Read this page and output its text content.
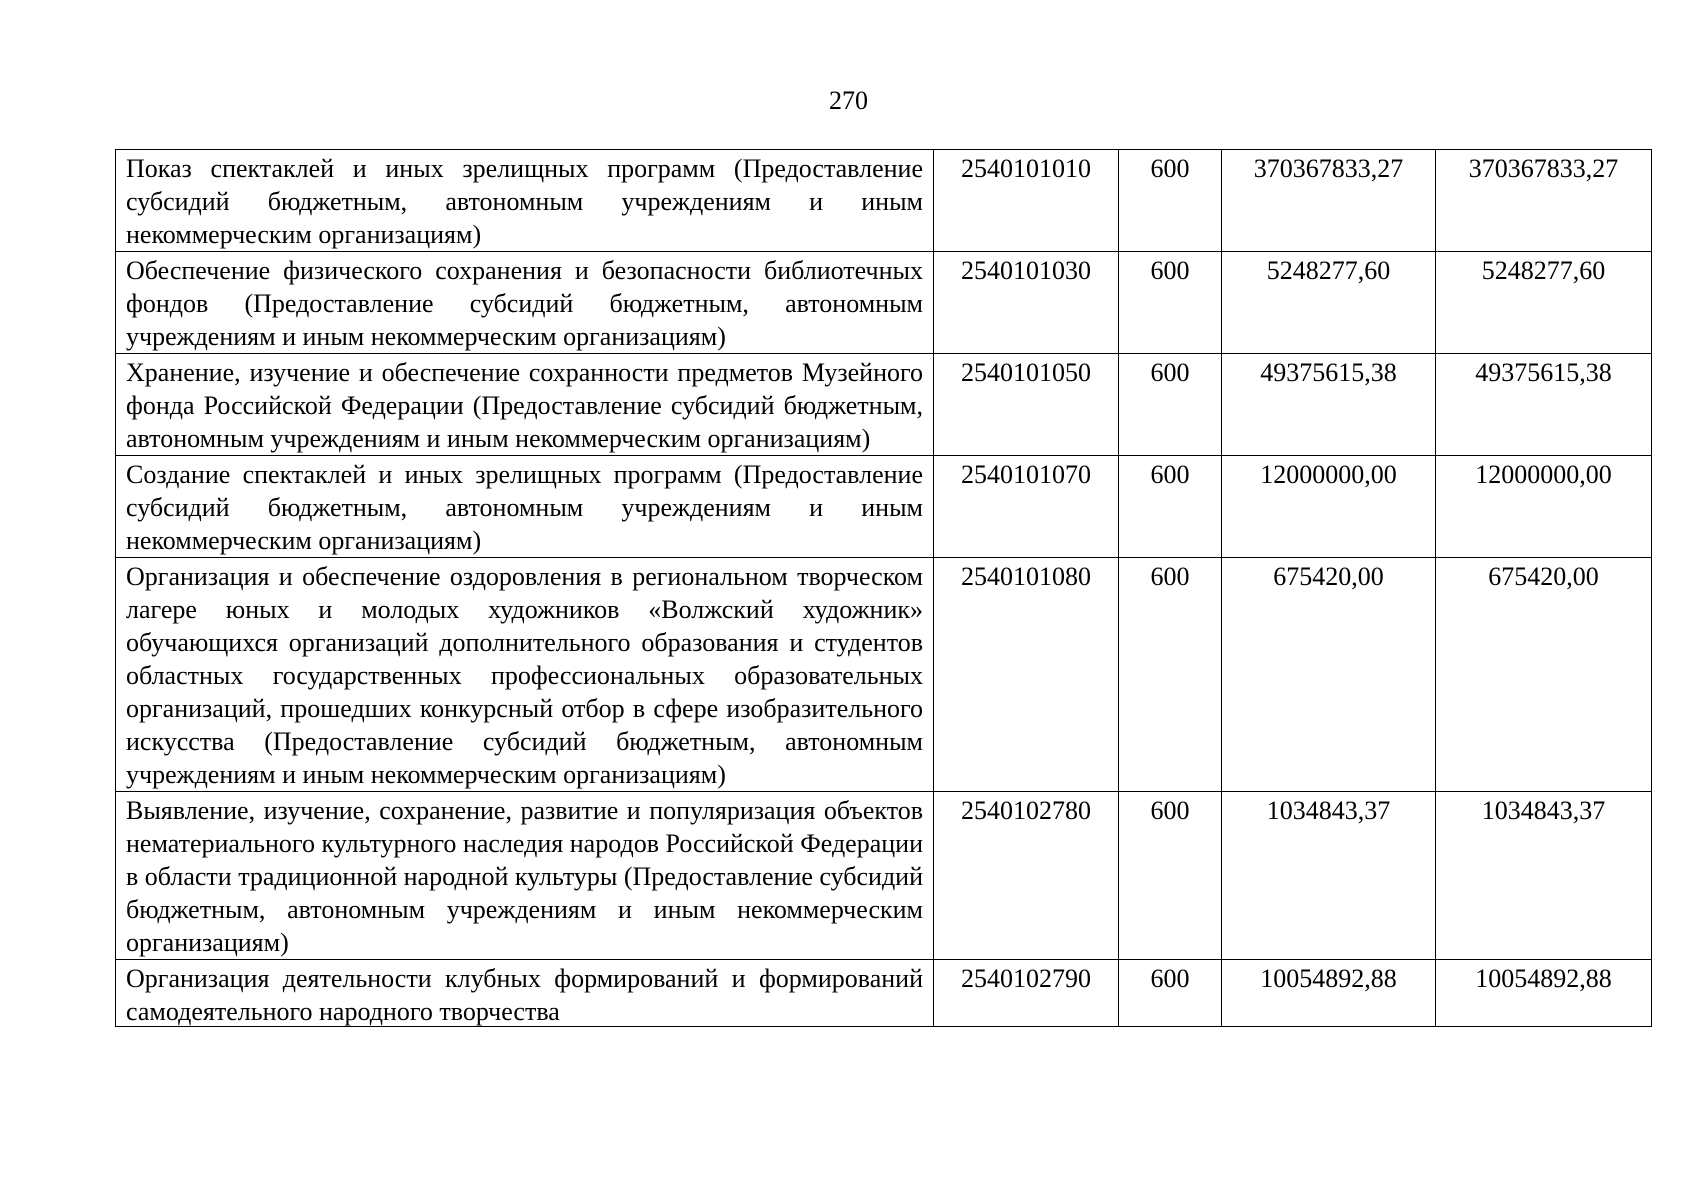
270
Показ спектаклей и иных зрелищных программ (Предоставление субсидий бюджетным, автономным учреждениям и иным некоммерческим организациям)	2540101010	600	370367833,27	370367833,27
Обеспечение физического сохранения и безопасности библиотечных фондов (Предоставление субсидий бюджетным, автономным учреждениям и иным некоммерческим организациям)	2540101030	600	5248277,60	5248277,60
Хранение, изучение и обеспечение сохранности предметов Музейного фонда Российской Федерации (Предоставление субсидий бюджетным, автономным учреждениям и иным некоммерческим организациям)	2540101050	600	49375615,38	49375615,38
Создание спектаклей и иных зрелищных программ (Предоставление субсидий бюджетным, автономным учреждениям и иным некоммерческим организациям)	2540101070	600	12000000,00	12000000,00
Организация и обеспечение оздоровления в региональном творческом лагере юных и молодых художников «Волжский художник» обучающихся организаций дополнительного образования и студентов областных государственных профессиональных образовательных организаций, прошедших конкурсный отбор в сфере изобразительного искусства (Предоставление субсидий бюджетным, автономным учреждениям и иным некоммерческим организациям)	2540101080	600	675420,00	675420,00
Выявление, изучение, сохранение, развитие и популяризация объектов нематериального культурного наследия народов Российской Федерации в области традиционной народной культуры (Предоставление субсидий бюджетным, автономным учреждениям и иным некоммерческим организациям)	2540102780	600	1034843,37	1034843,37

Организация деятельности клубных формирований и формирований самодеятельного народного творчества	2540102790	600	10054892,88	10054892,88
